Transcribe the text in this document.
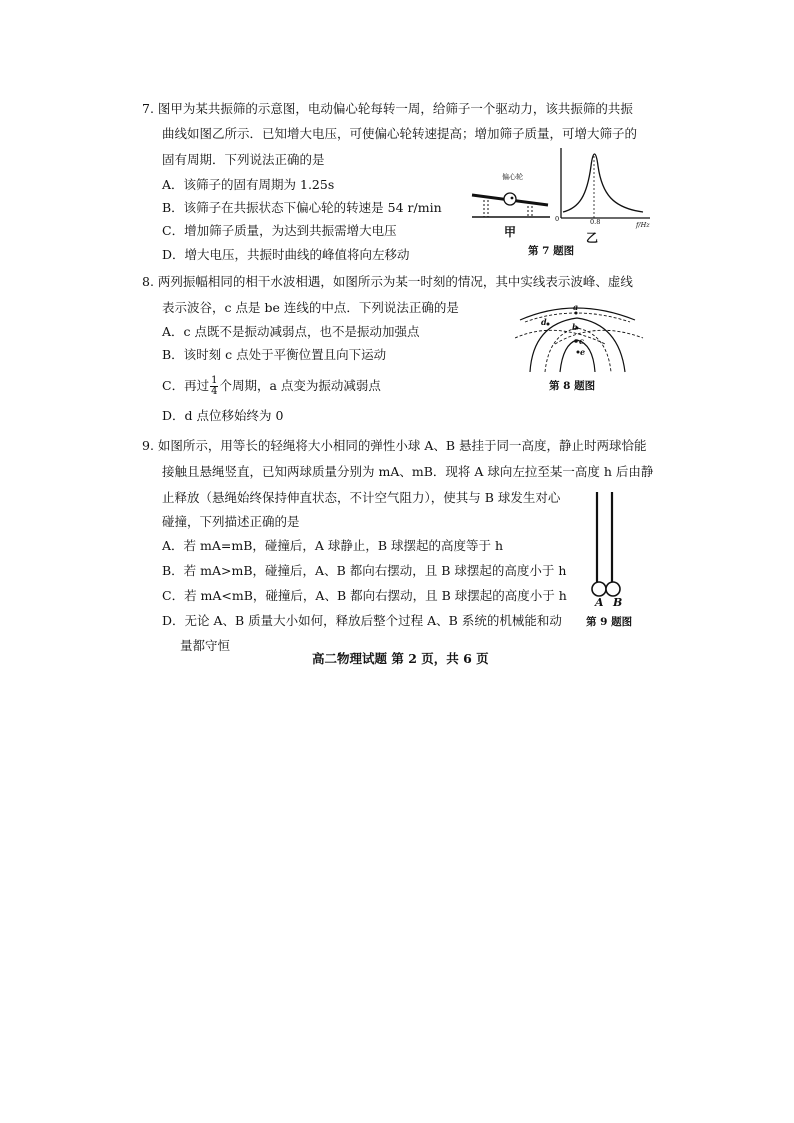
7. 图甲为某共振筛的示意图，电动偏心轮每转一周，给筛子一个驱动力，该共振筛的共振
曲线如图乙所示．已知增大电压，可使偏心轮转速提高；增加筛子质量，可增大筛子的
固有周期．下列说法正确的是
A．该筛子的固有周期为 1.25s
B．该筛子在共振状态下偏心轮的转速是 54 r/min
C．增加筛子质量，为达到共振需增大电压
D．增大电压，共振时曲线的峰值将向左移动
偏心轮
甲
0	0.8	f/Hz
乙
第 7 题图
8. 两列振幅相同的相干水波相遇，如图所示为某一时刻的情况，其中实线表示波峰、虚线
表示波谷，c 点是 be 连线的中点．下列说法正确的是
A．c 点既不是振动减弱点，也不是振动加强点
B．该时刻 c 点处于平衡位置且向下运动
C．再过 $\frac{1}{4}$ 个周期，a 点变为振动减弱点
D．d 点位移始终为 0
a
d	b
c
e
第 8 题图
9. 如图所示，用等长的轻绳将大小相同的弹性小球 A、B 悬挂于同一高度，静止时两球恰能
接触且悬绳竖直，已知两球质量分别为 mA、mB．现将 A 球向左拉至某一高度 h 后由静
止释放（悬绳始终保持伸直状态，不计空气阻力），使其与 B 球发生对心
碰撞，下列描述正确的是
A．若 mA=mB，碰撞后，A 球静止，B 球摆起的高度等于 h
B．若 mA>mB，碰撞后，A、B 都向右摆动，且 B 球摆起的高度小于 h
C．若 mA<mB，碰撞后，A、B 都向右摆动，且 B 球摆起的高度小于 h
D．无论 A、B 质量大小如何，释放后整个过程 A、B 系统的机械能和动
量都守恒
A B
第 9 题图
高二物理试题 第 2 页，共 6 页
